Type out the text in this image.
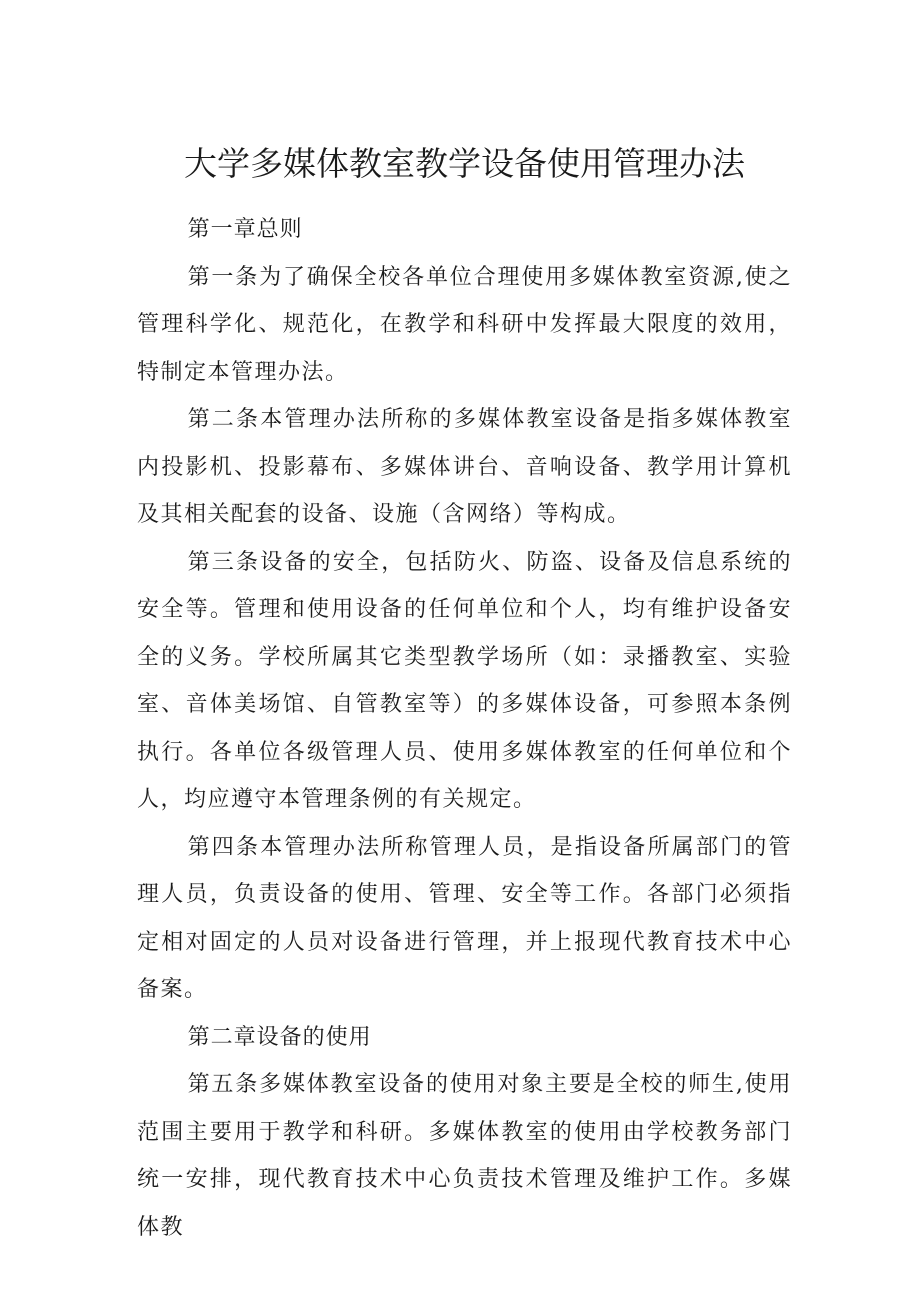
大学多媒体教室教学设备使用管理办法

第一章总则

第一条为了确保全校各单位合理使用多媒体教室资源,使之管理科学化、规范化，在教学和科研中发挥最大限度的效用，特制定本管理办法。

第二条本管理办法所称的多媒体教室设备是指多媒体教室内投影机、投影幕布、多媒体讲台、音响设备、教学用计算机及其相关配套的设备、设施（含网络）等构成。

第三条设备的安全，包括防火、防盗、设备及信息系统的安全等。管理和使用设备的任何单位和个人，均有维护设备安全的义务。学校所属其它类型教学场所（如：录播教室、实验室、音体美场馆、自管教室等）的多媒体设备，可参照本条例执行。各单位各级管理人员、使用多媒体教室的任何单位和个人，均应遵守本管理条例的有关规定。

第四条本管理办法所称管理人员，是指设备所属部门的管理人员，负责设备的使用、管理、安全等工作。各部门必须指定相对固定的人员对设备进行管理，并上报现代教育技术中心备案。

第二章设备的使用

第五条多媒体教室设备的使用对象主要是全校的师生,使用范围主要用于教学和科研。多媒体教室的使用由学校教务部门统一安排，现代教育技术中心负责技术管理及维护工作。多媒体教
